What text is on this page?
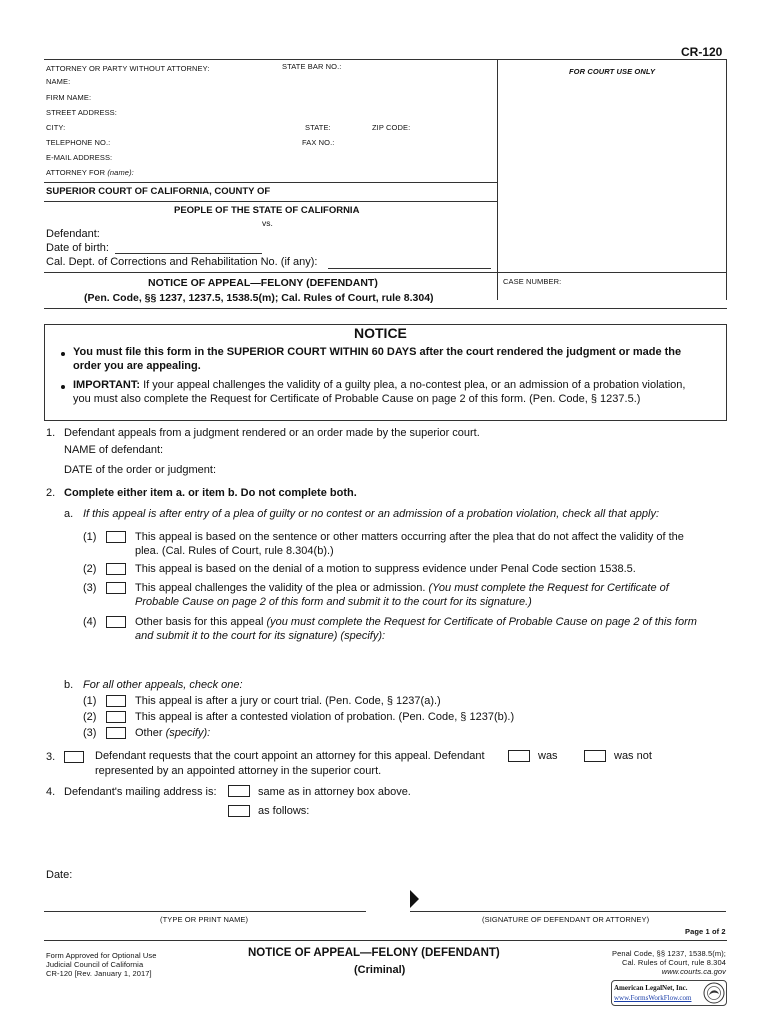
CR-120
ATTORNEY OR PARTY WITHOUT ATTORNEY:	STATE BAR NO.:
FOR COURT USE ONLY
NAME:
FIRM NAME:
STREET ADDRESS:
CITY:	STATE:	ZIP CODE:
TELEPHONE NO.:	FAX NO.:
E-MAIL ADDRESS:
ATTORNEY FOR (name):
SUPERIOR COURT OF CALIFORNIA, COUNTY OF
PEOPLE OF THE STATE OF CALIFORNIA
vs.
Defendant:
Date of birth:
Cal. Dept. of Corrections and Rehabilitation No. (if any):
NOTICE OF APPEAL—FELONY (DEFENDANT)
(Pen. Code, §§ 1237, 1237.5, 1538.5(m); Cal. Rules of Court, rule 8.304)
CASE NUMBER:
NOTICE
You must file this form in the SUPERIOR COURT WITHIN 60 DAYS after the court rendered the judgment or made the
order you are appealing.
IMPORTANT: If your appeal challenges the validity of a guilty plea, a no-contest plea, or an admission of a probation violation,
you must also complete the Request for Certificate of Probable Cause on page 2 of this form. (Pen. Code, § 1237.5.)
1. Defendant appeals from a judgment rendered or an order made by the superior court.
NAME of defendant:
DATE of the order or judgment:
2. Complete either item a. or item b. Do not complete both.
a. If this appeal is after entry of a plea of guilty or no contest or an admission of a probation violation, check all that apply:
(1)	This appeal is based on the sentence or other matters occurring after the plea that do not affect the validity of the
plea. (Cal. Rules of Court, rule 8.304(b).)
(2)	This appeal is based on the denial of a motion to suppress evidence under Penal Code section 1538.5.
(3)	This appeal challenges the validity of the plea or admission. (You must complete the Request for Certificate of
Probable Cause on page 2 of this form and submit it to the court for its signature.)
(4)	Other basis for this appeal (you must complete the Request for Certificate of Probable Cause on page 2 of this form
and submit it to the court for its signature) (specify):
b. For all other appeals, check one:
(1)	This appeal is after a jury or court trial. (Pen. Code, § 1237(a).)
(2)	This appeal is after a contested violation of probation. (Pen. Code, § 1237(b).)
(3)	Other (specify):
3.	Defendant requests that the court appoint an attorney for this appeal. Defendant	was	was not
represented by an appointed attorney in the superior court.
4. Defendant's mailing address is:	same as in attorney box above.
as follows:
Date:
(TYPE OR PRINT NAME)	(SIGNATURE OF DEFENDANT OR ATTORNEY)
Page 1 of 2
Form Approved for Optional Use
Judicial Council of California
CR-120 [Rev. January 1, 2017]
NOTICE OF APPEAL—FELONY (DEFENDANT)
(Criminal)
Penal Code, §§ 1237, 1538.5(m);
Cal. Rules of Court, rule 8.304
www.courts.ca.gov
American LegalNet, Inc.
www.FormsWorkFlow.com
